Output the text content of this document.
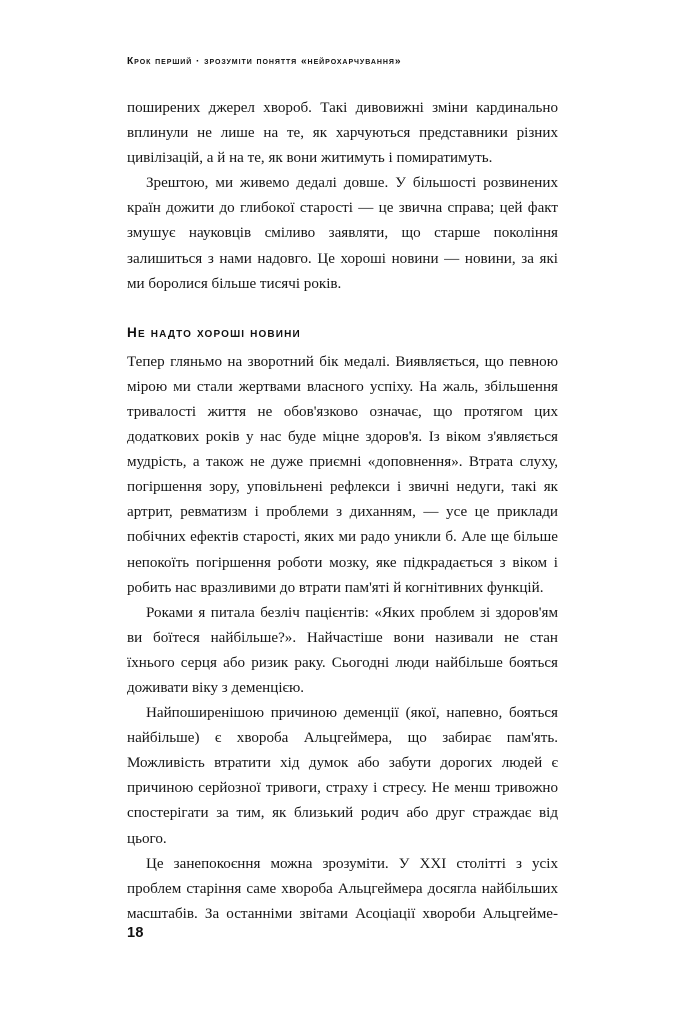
Крок перший · зрозуміти поняття «нейрохарчування»

поширених джерел хвороб. Такі дивовижні зміни кардинально вплинули не лише на те, як харчуються представники різних цивілізацій, а й на те, як вони житимуть і помиратимуть.

Зрештою, ми живемо дедалі довше. У більшості розвинених країн дожити до глибокої старості — це звична справа; цей факт змушує науковців сміливо заявляти, що старше покоління залишиться з нами надовго. Це хороші новини — новини, за які ми боролися більше тисячі років.

Не надто хороші новини

Тепер гляньмо на зворотний бік медалі. Виявляється, що певною мірою ми стали жертвами власного успіху. На жаль, збільшення тривалості життя не обов'язково означає, що протягом цих додаткових років у нас буде міцне здоров'я. Із віком з'являється мудрість, а також не дуже приємні «доповнення». Втрата слуху, погіршення зору, уповільнені рефлекси і звичні недуги, такі як артрит, ревматизм і проблеми з диханням, — усе це приклади побічних ефектів старості, яких ми радо уникли б. Але ще більше непокоїть погіршення роботи мозку, яке підкрадається з віком і робить нас вразливими до втрати пам'яті й когнітивних функцій.

Роками я питала безліч пацієнтів: «Яких проблем зі здоров'ям ви боїтеся найбільше?». Найчастіше вони називали не стан їхнього серця або ризик раку. Сьогодні люди найбільше бояться доживати віку з деменцією.

Найпоширенішою причиною деменції (якої, напевно, бояться найбільше) є хвороба Альцгеймера, що забирає пам'ять. Можливість втратити хід думок або забути дорогих людей є причиною серйозної тривоги, страху і стресу. Не менш тривожно спостерігати за тим, як близький родич або друг страждає від цього.

Це занепокоєння можна зрозуміти. У XXI столітті з усіх проблем старіння саме хвороба Альцгеймера досягла найбільших масштабів. За останніми звітами Асоціації хвороби Альцгейме-

18
